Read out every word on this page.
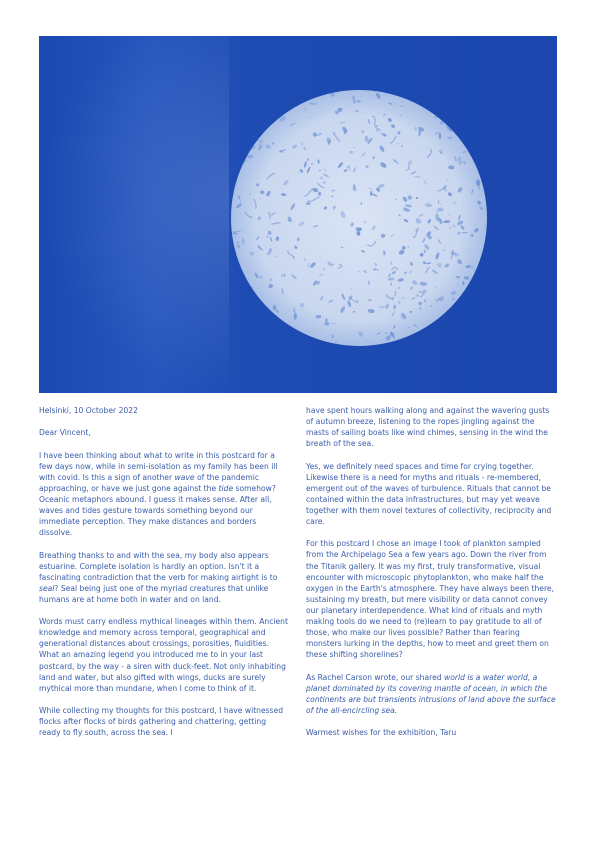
Helsinki, 10 October 2022

Dear Vincent,

I have been thinking about what to write in this postcard for a few days now, while in semi-isolation as my family has been ill with covid. Is this a sign of another wave of the pandemic approaching, or have we just gone against the tide somehow? Oceanic metaphors abound. I guess it makes sense. After all, waves and tides gesture towards something beyond our immediate perception. They make distances and borders dissolve.

Breathing thanks to and with the sea, my body also appears estuarine. Complete isolation is hardly an option. Isn't it a fascinating contradiction that the verb for making airtight is to seal? Seal being just one of the myriad creatures that unlike humans are at home both in water and on land.

Words must carry endless mythical lineages within them. Ancient knowledge and memory across temporal, geographical and generational distances about crossings, porosities, fluidities. What an amazing legend you introduced me to in your last postcard, by the way - a siren with duck-feet. Not only inhabiting land and water, but also gifted with wings, ducks are surely mythical more than mundane, when I come to think of it.

While collecting my thoughts for this postcard, I have witnessed flocks after flocks of birds gathering and chattering, getting ready to fly south, across the sea. I

have spent hours walking along and against the wavering gusts of autumn breeze, listening to the ropes jingling against the masts of sailing boats like wind chimes, sensing in the wind the breath of the sea.

Yes, we definitely need spaces and time for crying together. Likewise there is a need for myths and rituals - re-membered, emergent out of the waves of turbulence. Rituals that cannot be contained within the data infrastructures, but may yet weave together with them novel textures of collectivity, reciprocity and care.

For this postcard I chose an image I took of plankton sampled from the Archipelago Sea a few years ago. Down the river from the Titanik gallery. It was my first, truly transformative, visual encounter with microscopic phytoplankton, who make half the oxygen in the Earth's atmosphere. They have always been there, sustaining my breath, but mere visibility or data cannot convey our planetary interdependence. What kind of rituals and myth making tools do we need to (re)learn to pay gratitude to all of those, who make our lives possible? Rather than fearing monsters lurking in the depths, how to meet and greet them on these shifting shorelines?

As Rachel Carson wrote, our shared world is a water world, a planet dominated by its covering mantle of ocean, in which the continents are but transients intrusions of land above the surface of the all-encircling sea.

Warmest wishes for the exhibition, Taru
